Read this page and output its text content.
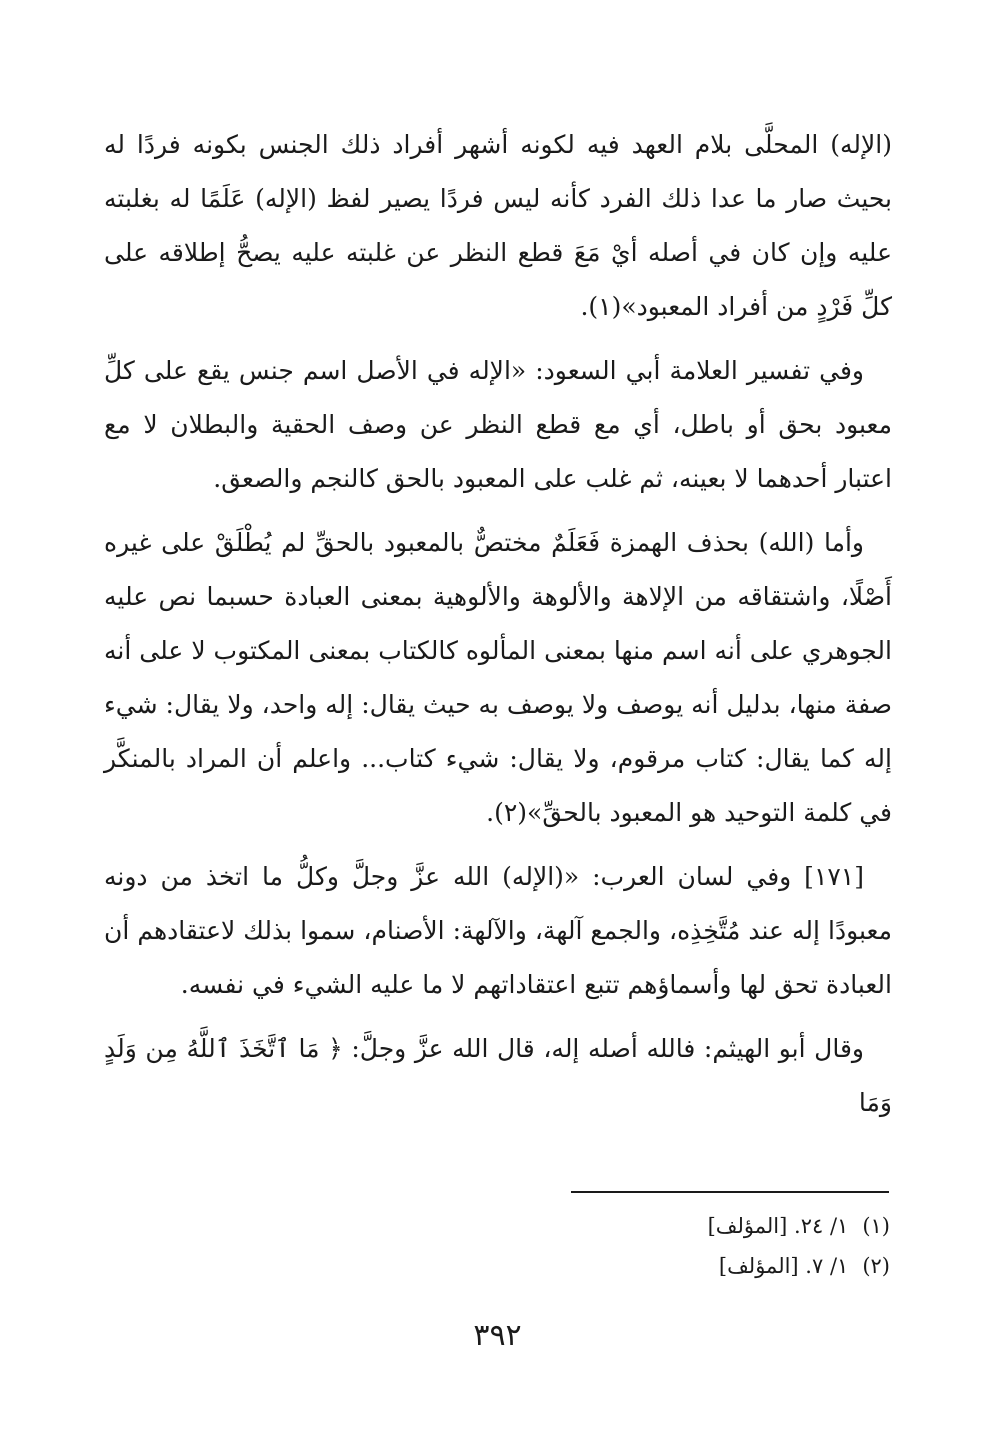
(الإله) المحلَّى بلام العهد فيه لكونه أشهر أفراد ذلك الجنس بكونه فردًا له بحيث صار ما عدا ذلك الفرد كأنه ليس فردًا يصير لفظ (الإله) عَلَمًا له بغلبته عليه وإن كان في أصله أيْ مَعَ قطع النظر عن غلبته عليه يصحُّ إطلاقه على كلِّ فَرْدٍ من أفراد المعبود»(١).

وفي تفسير العلامة أبي السعود: «الإله في الأصل اسم جنس يقع على كلِّ معبود بحق أو باطل، أي مع قطع النظر عن وصف الحقية والبطلان لا مع اعتبار أحدهما لا بعينه، ثم غلب على المعبود بالحق كالنجم والصعق.

وأما (الله) بحذف الهمزة فَعَلَمٌ مختصٌّ بالمعبود بالحقِّ لم يُطْلَقْ على غيره أَصْلًا، واشتقاقه من الإلاهة والألوهة والألوهية بمعنى العبادة حسبما نص عليه الجوهري على أنه اسم منها بمعنى المألوه كالكتاب بمعنى المكتوب لا على أنه صفة منها، بدليل أنه يوصف ولا يوصف به حيث يقال: إله واحد، ولا يقال: شيء إله كما يقال: كتاب مرقوم، ولا يقال: شيء كتاب... واعلم أن المراد بالمنكَّر في كلمة التوحيد هو المعبود بالحقِّ»(٢).

[١٧١] وفي لسان العرب: «(الإله) الله عزَّ وجلَّ وكلُّ ما اتخذ من دونه معبودًا إله عند مُتَّخِذِه، والجمع آلهة، والآلهة: الأصنام، سموا بذلك لاعتقادهم أن العبادة تحق لها وأسماؤهم تتبع اعتقاداتهم لا ما عليه الشيء في نفسه.

وقال أبو الهيثم: فالله أصله إله، قال الله عزَّ وجلَّ: ﴿ مَا ٱتَّخَذَ ٱللَّهُ مِن وَلَدٍ وَمَا

(١)١/ ٢٤. [المؤلف]
(٢)١/ ٧. [المؤلف]
٣٩٢
